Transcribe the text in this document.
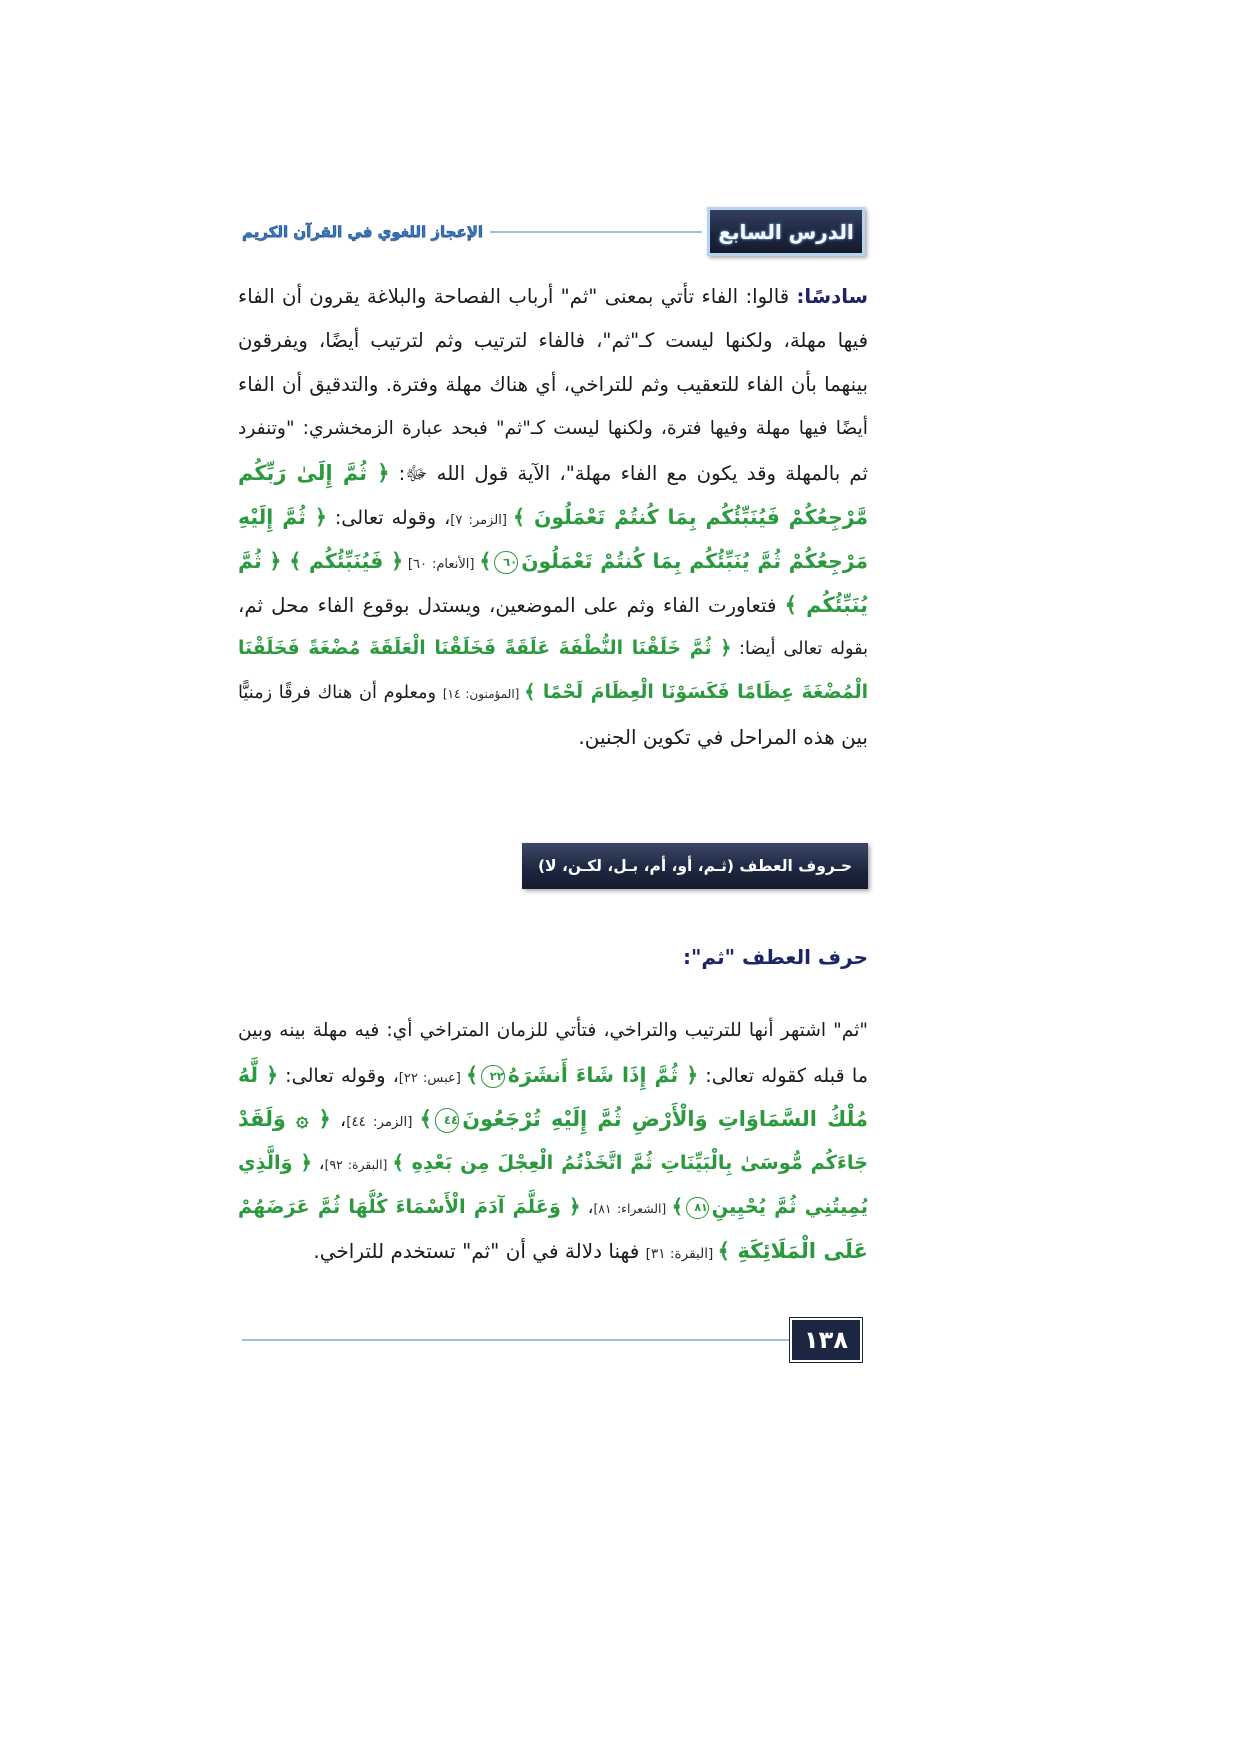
الدرس السابع
الإعجاز اللغوي في القرآن الكريم
سادسًا: قالوا: الفاء تأتي بمعنى "ثم" أرباب الفصاحة والبلاغة يقرون أن الفاء
فيها مهلة، ولكنها ليست كـ"ثم"، فالفاء لترتيب وثم لترتيب أيضًا، ويفرقون
بينهما بأن الفاء للتعقيب وثم للتراخي، أي هناك مهلة وفترة. والتدقيق أن الفاء
أيضًا فيها مهلة وفيها فترة، ولكنها ليست كـ"ثم" فبحد عبارة الزمخشري: "وتنفرد
ثم بالمهلة وقد يكون مع الفاء مهلة"، الآية قول الله ﷻ: ﴿ ثُمَّ إِلَىٰ رَبِّكُم
مَّرْجِعُكُمْ فَيُنَبِّئُكُم بِمَا كُنتُمْ تَعْمَلُونَ ﴾ [الزمر: ٧]، وقوله تعالى: ﴿ ثُمَّ إِلَيْهِ
مَرْجِعُكُمْ ثُمَّ يُنَبِّئُكُم بِمَا كُنتُمْ تَعْمَلُونَ٦٠﴾ [الأنعام: ٦٠] ﴿ فَيُنَبِّئُكُم ﴾ ﴿ ثُمَّ
يُنَبِّئُكُم ﴾ فتعاورت الفاء وثم على الموضعين، ويستدل بوقوع الفاء محل ثم،
بقوله تعالى أيضا: ﴿ ثُمَّ خَلَقْنَا النُّطْفَةَ عَلَقَةً فَخَلَقْنَا الْعَلَقَةَ مُضْغَةً فَخَلَقْنَا
الْمُضْغَةَ عِظَامًا فَكَسَوْنَا الْعِظَامَ لَحْمًا ﴾ [المؤمنون: ١٤] ومعلوم أن هناك فرقًا زمنيًّا
بين هذه المراحل في تكوين الجنين.
حـروف العطف (ثـم، أو، أم، بـل، لكـن، لا)
حرف العطف "ثم":
"ثم" اشتهر أنها للترتيب والتراخي، فتأتي للزمان المتراخي أي: فيه مهلة بينه وبين
ما قبله كقوله تعالى: ﴿ ثُمَّ إِذَا شَاءَ أَنشَرَهُ٢٢﴾ [عبس: ٢٢]، وقوله تعالى: ﴿ لَّهُ
مُلْكُ السَّمَاوَاتِ وَالْأَرْضِ ثُمَّ إِلَيْهِ تُرْجَعُونَ٤٤﴾ [الزمر: ٤٤]، ﴿ ۞ وَلَقَدْ
جَاءَكُم مُّوسَىٰ بِالْبَيِّنَاتِ ثُمَّ اتَّخَذْتُمُ الْعِجْلَ مِن بَعْدِهِ ﴾ [البقرة: ٩٢]، ﴿ وَالَّذِي
يُمِيتُنِي ثُمَّ يُحْيِينِ٨١﴾ [الشعراء: ٨١]، ﴿ وَعَلَّمَ آدَمَ الْأَسْمَاءَ كُلَّهَا ثُمَّ عَرَضَهُمْ
عَلَى الْمَلَائِكَةِ ﴾ [البقرة: ٣١] فهنا دلالة في أن "ثم" تستخدم للتراخي.
١٣٨
